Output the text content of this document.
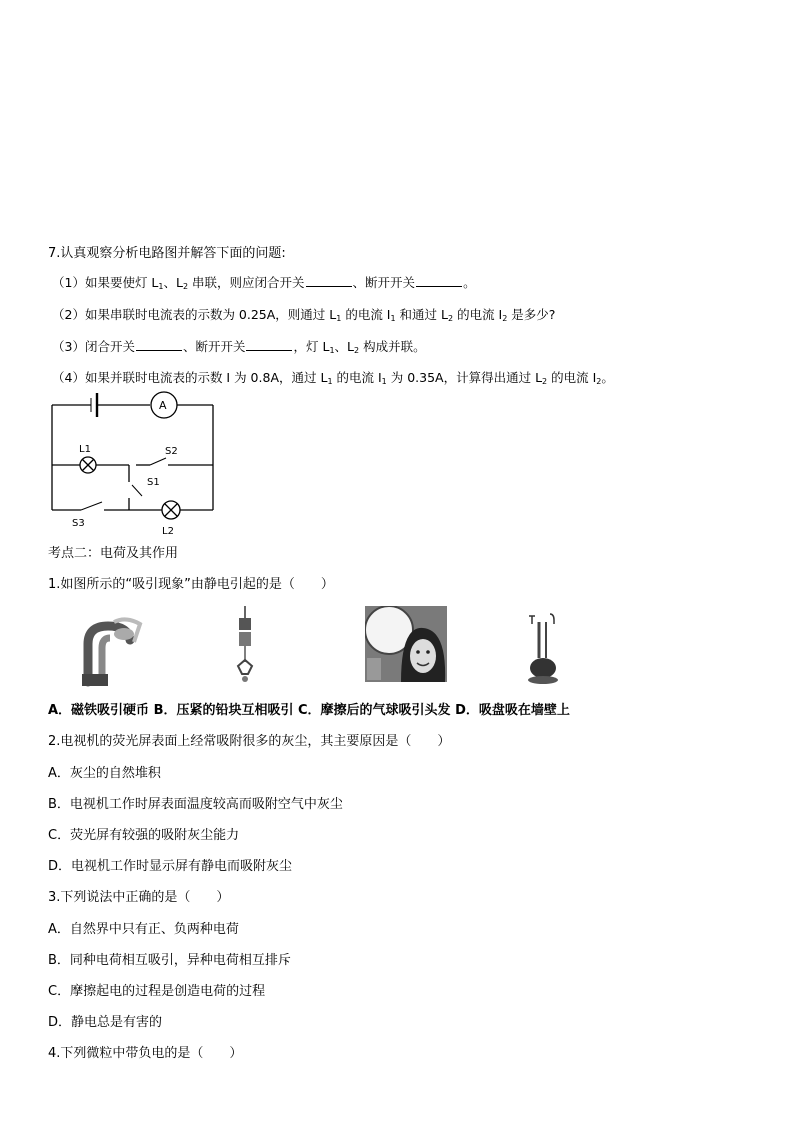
7.认真观察分析电路图并解答下面的问题:
（1）如果要使灯 $L_1$、$L_2$ 串联，则应闭合开关	、断开开关	。
（2）如果串联时电流表的示数为 0.25A，则通过 $L_1$ 的电流 $I_1$ 和通过 $L_2$ 的电流 $I_2$ 是多少?
（3）闭合开关	、断开开关	，灯 $L_1$、$L_2$ 构成并联。
（4）如果并联时电流表的示数 I 为 0.8A，通过 $L_1$ 的电流 $I_1$ 为 0.35A，计算得出通过 $L_2$ 的电流 $I_2$。
A
L1	S2
S1
S3
L2
考点二：电荷及其作用
1.如图所示的“吸引现象”由静电引起的是（　　）
A．磁铁吸引硬币 B．压紧的铅块互相吸引 C．摩擦后的气球吸引头发 D．吸盘吸在墙壁上
2.电视机的荧光屏表面上经常吸附很多的灰尘，其主要原因是（　　）
A．灰尘的自然堆积
B．电视机工作时屏表面温度较高而吸附空气中灰尘
C．荧光屏有较强的吸附灰尘能力
D．电视机工作时显示屏有静电而吸附灰尘
3.下列说法中正确的是（　　）
A．自然界中只有正、负两种电荷
B．同种电荷相互吸引，异种电荷相互排斥
C．摩擦起电的过程是创造电荷的过程
D．静电总是有害的
4.下列微粒中带负电的是（　　）
